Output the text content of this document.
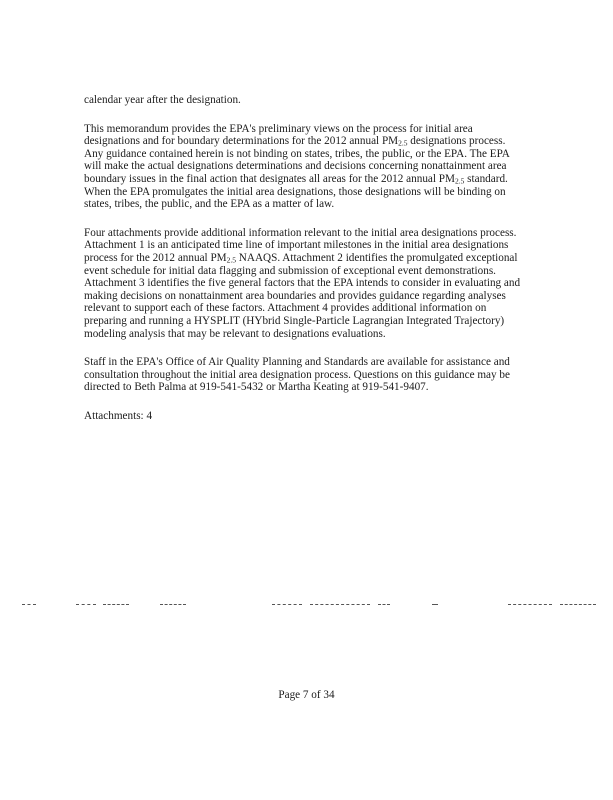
calendar year after the designation.

This memorandum provides the EPA's preliminary views on the process for initial area
designations and for boundary determinations for the 2012 annual $PM_{2.5}$ designations process.
Any guidance contained herein is not binding on states, tribes, the public, or the EPA. The EPA
will make the actual designations determinations and decisions concerning nonattainment area
boundary issues in the final action that designates all areas for the 2012 annual $PM_{2.5}$ standard.
When the EPA promulgates the initial area designations, those designations will be binding on
states, tribes, the public, and the EPA as a matter of law.

Four attachments provide additional information relevant to the initial area designations process.
Attachment 1 is an anticipated time line of important milestones in the initial area designations
process for the 2012 annual $PM_{2.5}$ NAAQS. Attachment 2 identifies the promulgated exceptional
event schedule for initial data flagging and submission of exceptional event demonstrations.
Attachment 3 identifies the five general factors that the EPA intends to consider in evaluating and
making decisions on nonattainment area boundaries and provides guidance regarding analyses
relevant to support each of these factors. Attachment 4 provides additional information on
preparing and running a HYSPLIT (HYbrid Single-Particle Lagrangian Integrated Trajectory)
modeling analysis that may be relevant to designations evaluations.

Staff in the EPA's Office of Air Quality Planning and Standards are available for assistance and
consultation throughout the initial area designation process. Questions on this guidance may be
directed to Beth Palma at 919-541-5432 or Martha Keating at 919-541-9407.

Attachments: 4

Page 7 of 34
